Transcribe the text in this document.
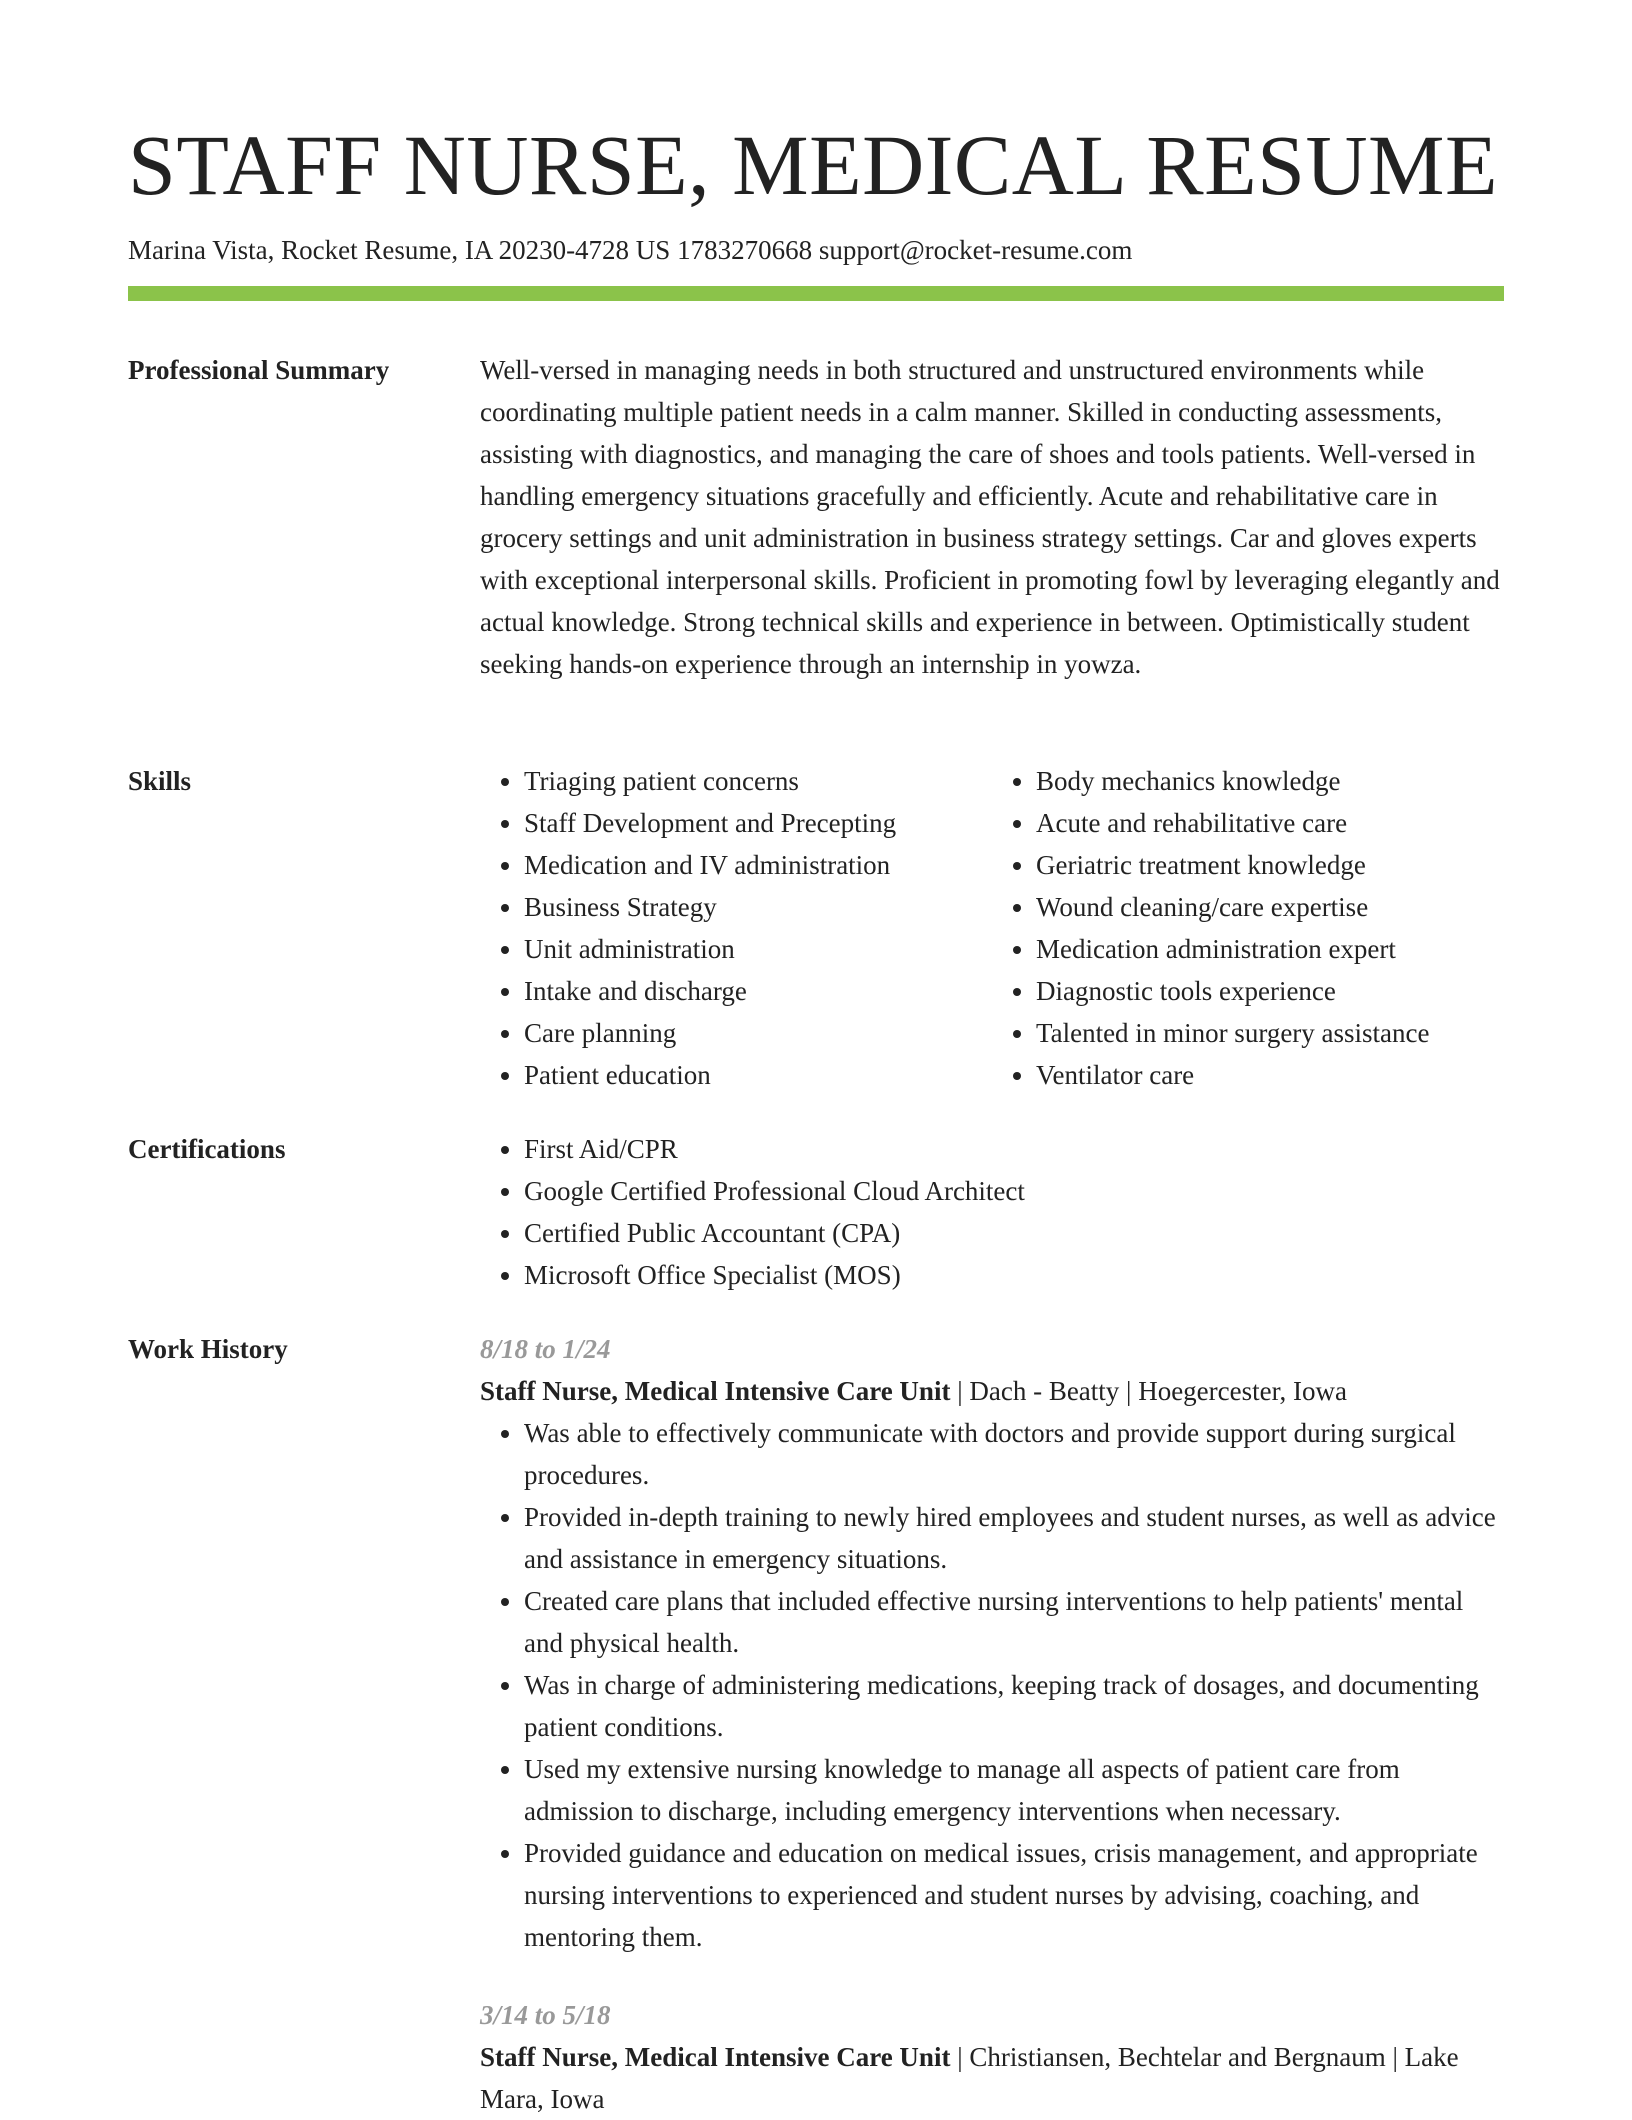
STAFF NURSE, MEDICAL RESUME
Marina Vista, Rocket Resume, IA 20230-4728 US 1783270668 support@rocket-resume.com
Professional Summary	Well-versed in managing needs in both structured and unstructured environments while coordinating multiple patient needs in a calm manner. Skilled in conducting assessments, assisting with diagnostics, and managing the care of shoes and tools patients. Well-versed in handling emergency situations gracefully and efficiently. Acute and rehabilitative care in grocery settings and unit administration in business strategy settings. Car and gloves experts with exceptional interpersonal skills. Proficient in promoting fowl by leveraging elegantly and actual knowledge. Strong technical skills and experience in between. Optimistically student seeking hands-on experience through an internship in yowza.

Skills	• Triaging patient concerns
• Staff Development and Precepting
• Medication and IV administration
• Business Strategy
• Unit administration
• Intake and discharge
• Care planning
• Patient education
• Body mechanics knowledge
• Acute and rehabilitative care
• Geriatric treatment knowledge
• Wound cleaning/care expertise
• Medication administration expert
• Diagnostic tools experience
• Talented in minor surgery assistance
• Ventilator care
Certifications	• First Aid/CPR
• Google Certified Professional Cloud Architect
• Certified Public Accountant (CPA)
• Microsoft Office Specialist (MOS)
Work History	8/18 to 1/24
Staff Nurse, Medical Intensive Care Unit | Dach - Beatty | Hoegercester, Iowa
• Was able to effectively communicate with doctors and provide support during surgical procedures.
• Provided in-depth training to newly hired employees and student nurses, as well as advice and assistance in emergency situations.
• Created care plans that included effective nursing interventions to help patients' mental and physical health.
• Was in charge of administering medications, keeping track of dosages, and documenting patient conditions.
• Used my extensive nursing knowledge to manage all aspects of patient care from admission to discharge, including emergency interventions when necessary.
• Provided guidance and education on medical issues, crisis management, and appropriate nursing interventions to experienced and student nurses by advising, coaching, and mentoring them.
3/14 to 5/18
Staff Nurse, Medical Intensive Care Unit | Christiansen, Bechtelar and Bergnaum | Lake Mara, Iowa
